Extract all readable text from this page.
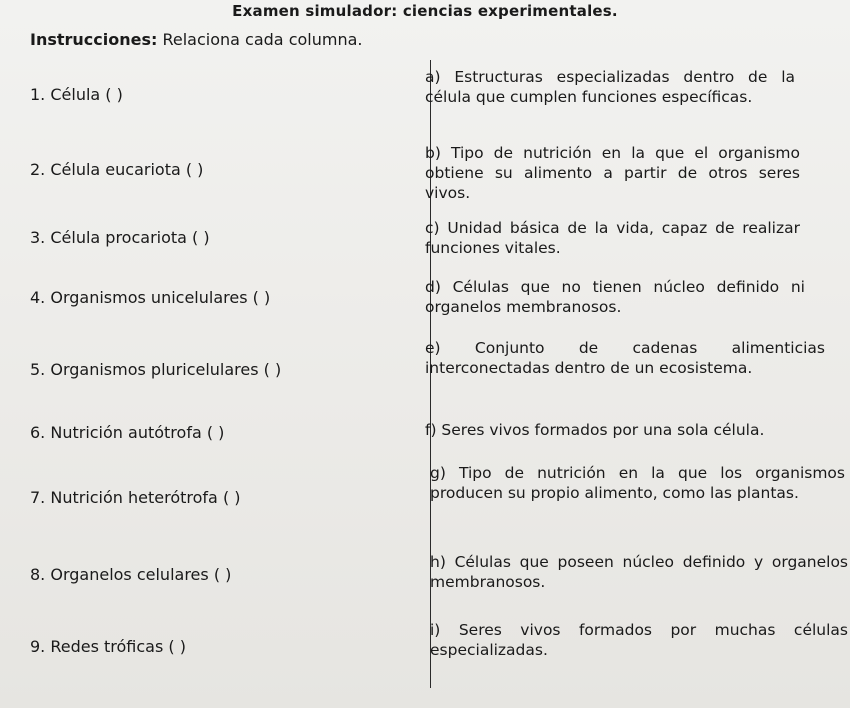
Examen simulador: ciencias experimentales.
Instrucciones: Relaciona cada columna.
1. Célula ( )
2. Célula eucariota ( )
3. Célula procariota ( )
4. Organismos unicelulares ( )
5. Organismos pluricelulares ( )
6. Nutrición autótrofa ( )
7. Nutrición heterótrofa ( )
8. Organelos celulares ( )
9. Redes tróficas ( )
a) Estructuras especializadas dentro de la célula que cumplen funciones específicas.
b) Tipo de nutrición en la que el organismo obtiene su alimento a partir de otros seres vivos.
c) Unidad básica de la vida, capaz de realizar funciones vitales.
d) Células que no tienen núcleo definido ni organelos membranosos.
e) Conjunto de cadenas alimenticias interconectadas dentro de un ecosistema.
f) Seres vivos formados por una sola célula.
g) Tipo de nutrición en la que los organismos producen su propio alimento, como las plantas.
h) Células que poseen núcleo definido y organelos membranosos.
i) Seres vivos formados por muchas células especializadas.
